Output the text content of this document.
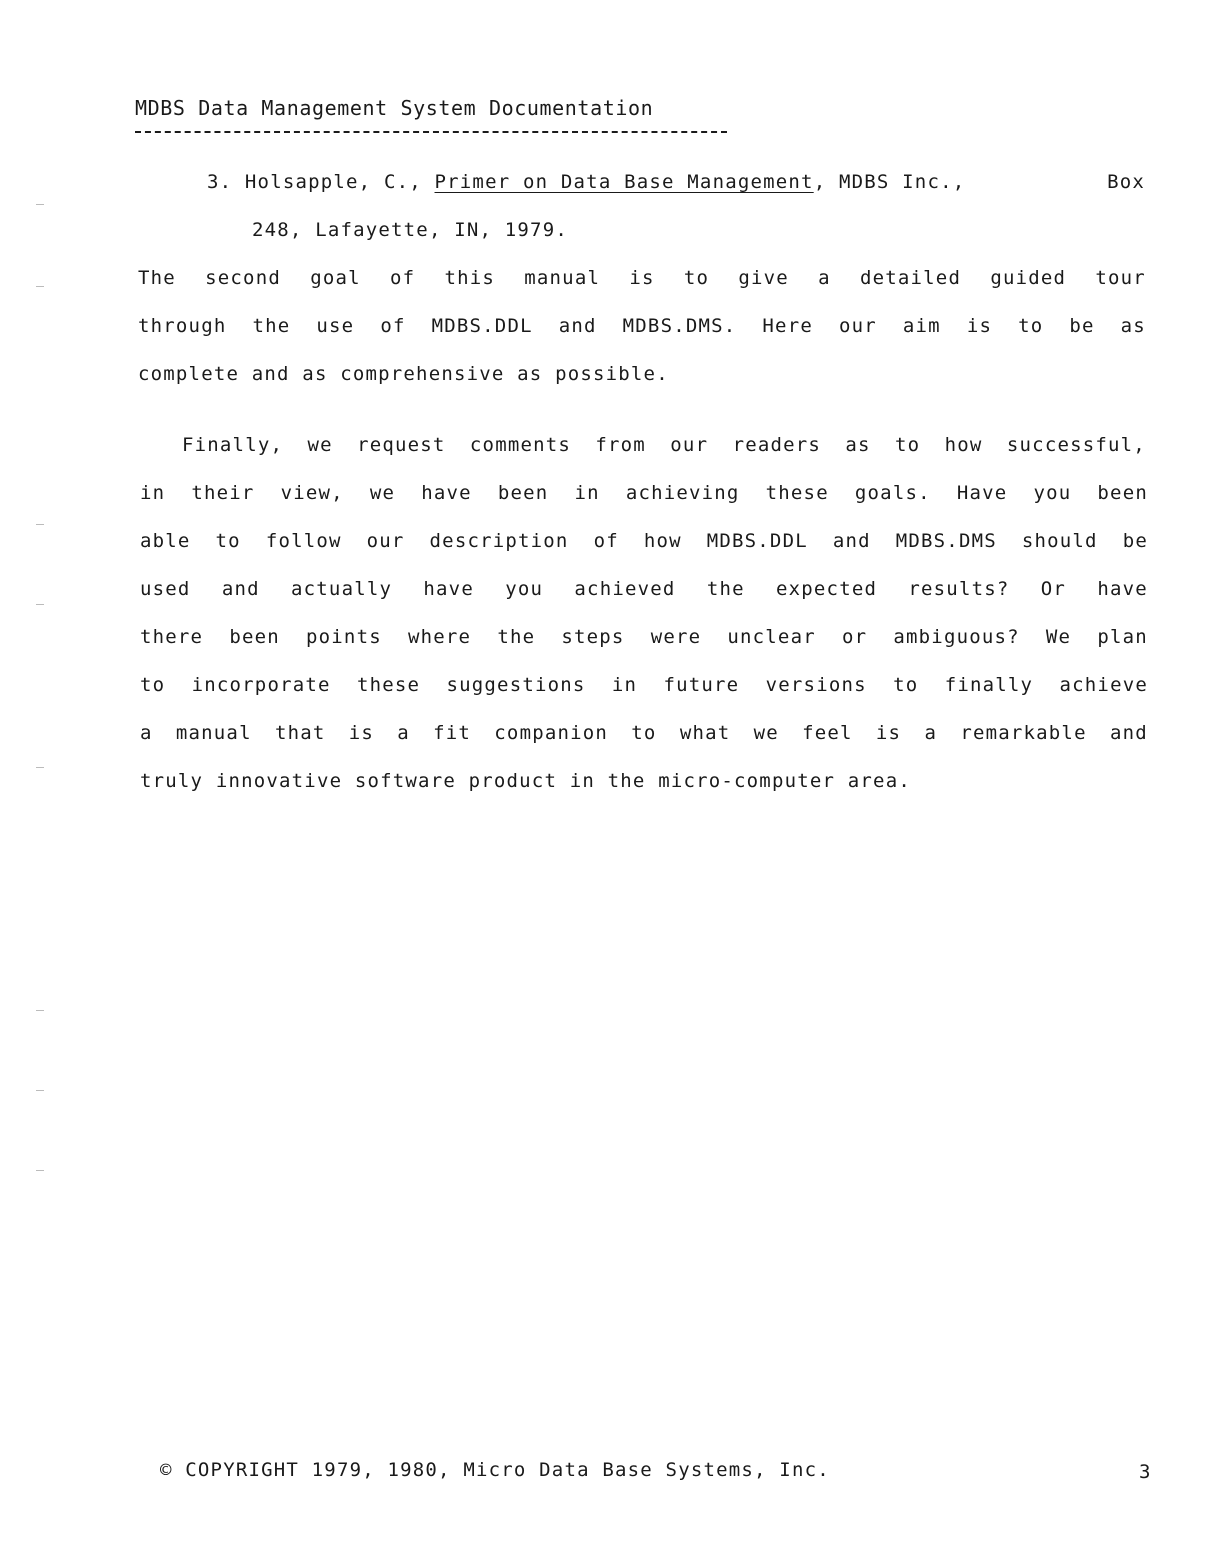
MDBS Data Management System Documentation
3. Holsapple, C., Primer on Data Base Management, MDBS Inc.,	Box
248, Lafayette, IN, 1979.
The second goal of this manual is to give a detailed guided tour
through the use of MDBS.DDL and MDBS.DMS. Here our aim is to be as
complete and as comprehensive as possible.
Finally, we request comments from our readers as to how successful,
in their view, we have been in achieving these goals. Have you been
able to follow our description of how MDBS.DDL and MDBS.DMS should be
used and actually have you achieved the expected results? Or have
there been points where the steps were unclear or ambiguous? We plan
to incorporate these suggestions in future versions to finally achieve
a manual that is a fit companion to what we feel is a remarkable and
truly innovative software product in the micro-computer area.
© COPYRIGHT 1979, 1980, Micro Data Base Systems, Inc.	3
